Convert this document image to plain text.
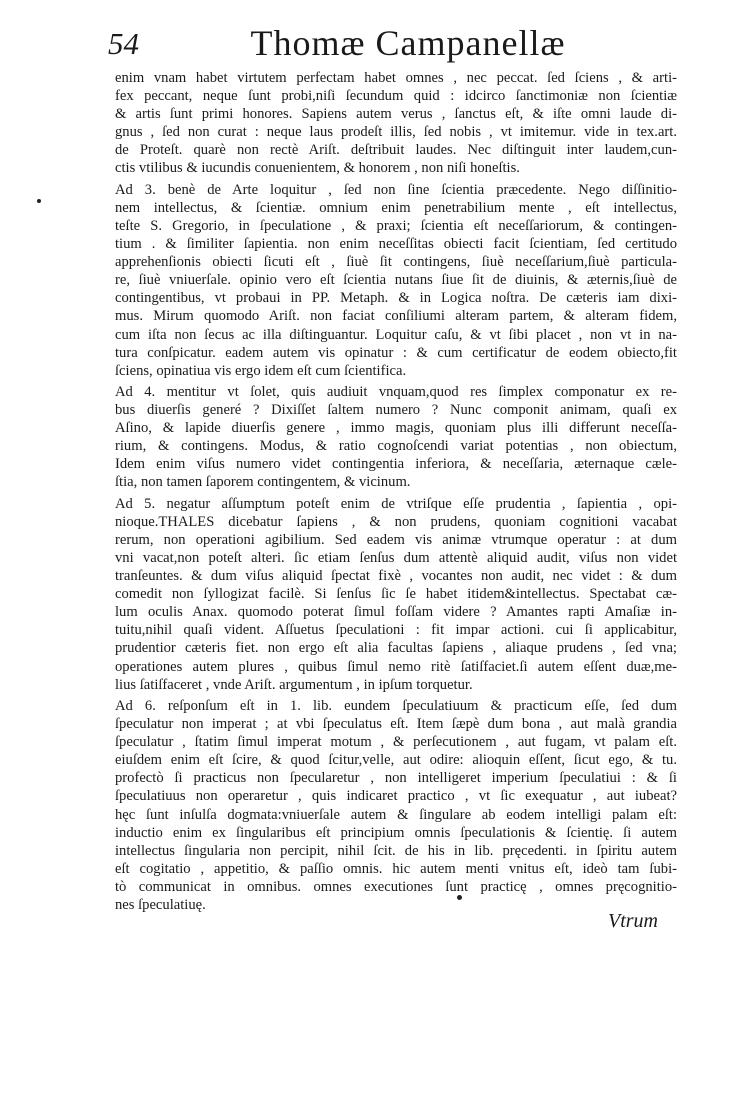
54	Thomæ Campanellæ
enim vnam habet virtutem perfectam habet omnes , nec peccat. ſed ſciens , & arti-
fex peccant, neque ſunt probi,niſi ſecundum quid : idcirco ſanctimoniæ non ſcientiæ
& artis ſunt primi honores. Sapiens autem verus , ſanctus eſt, & iſte omni laude di-
gnus , ſed non curat : neque laus prodeſt illis, ſed nobis , vt imitemur. vide in tex.art.
de Proteſt. quarè non rectè Ariſt. deſtribuit laudes. Nec diſtinguit inter laudem,cun-
ctis vtilibus & iucundis conuenientem, & honorem , non niſi honeſtis.
Ad 3. benè de Arte loquitur , ſed non ſine ſcientia præcedente. Nego diſſinitio-
nem intellectus, & ſcientiæ. omnium enim penetrabilium mente , eſt intellectus,
teſte S. Gregorio, in ſpeculatione , & praxi; ſcientia eſt neceſſariorum, & contingen-
tium . & ſimiliter ſapientia. non enim neceſſitas obiecti facit ſcientiam, ſed certitudo
apprehenſionis obiecti ſicuti eſt , ſiuè ſit contingens, ſiuè neceſſarium,ſiuè particula-
re, ſiuè vniuerſale. opinio vero eſt ſcientia nutans ſiue ſit de diuinis, & æternis,ſiuè de
contingentibus, vt probaui in PP. Metaph. & in Logica noſtra. De cæteris iam dixi-
mus. Mirum quomodo Ariſt. non faciat conſiliumi alteram partem, & alteram fidem,
cum iſta non ſecus ac illa diſtinguantur. Loquitur caſu, & vt ſibi placet , non vt in na-
tura conſpicatur. eadem autem vis opinatur : & cum certificatur de eodem obiecto,fit
ſciens, opinatiua vis ergo idem eſt cum ſcientifica.
Ad 4. mentitur vt ſolet, quis audiuit vnquam,quod res ſimplex componatur ex re-
bus diuerſis generé ? Dixiſſet ſaltem numero ? Nunc componit animam, quaſi ex
Aſino, & lapide diuerſis genere , immo magis, quoniam plus illi differunt neceſſa-
rium, & contingens. Modus, & ratio cognoſcendi variat potentias , non obiectum,
Idem enim viſus numero videt contingentia inferiora, & neceſſaria, æternaque cæle-
ſtia, non tamen ſaporem contingentem, & vicinum.
Ad 5. negatur aſſumptum poteſt enim de vtriſque eſſe prudentia , ſapientia , opi-
nioque.THALES dicebatur ſapiens , & non prudens, quoniam cognitioni vacabat
rerum, non operationi agibilium. Sed eadem vis animæ vtrumque operatur : at dum
vni vacat,non poteſt alteri. ſic etiam ſenſus dum attentè aliquid audit, viſus non videt
tranſeuntes. & dum viſus aliquid ſpectat fixè , vocantes non audit, nec videt : & dum
comedit non ſyllogizat facilè. Si ſenſus ſic ſe habet itidem&intellectus. Spectabat cæ-
lum oculis Anax. quomodo poterat ſimul foſſam videre ? Amantes rapti Amaſiæ in-
tuitu,nihil quaſi vident. Aſſuetus ſpeculationi : fit impar actioni. cui ſi applicabitur,
prudentior cæteris fiet. non ergo eſt alia facultas ſapiens , aliaque prudens , ſed vna;
operationes autem plures , quibus ſimul nemo ritè ſatiſfaciet.ſi autem eſſent duæ,me-
lius ſatiſfaceret , vnde Ariſt. argumentum , in ipſum torquetur.
Ad 6. reſponſum eſt in 1. lib. eundem ſpeculatiuum & practicum eſſe, ſed dum
ſpeculatur non imperat ; at vbi ſpeculatus eſt. Item ſæpè dum bona , aut malà grandia
ſpeculatur , ſtatim ſimul imperat motum , & perſecutionem , aut fugam, vt palam eſt.
eiuſdem enim eſt ſcire, & quod ſcitur,velle, aut odire: alioquin eſſent, ſicut ego, & tu.
profectò ſi practicus non ſpecularetur , non intelligeret imperium ſpeculatiui : & ſi
ſpeculatiuus non operaretur , quis indicaret practico , vt ſic exequatur , aut iubeat?
hęc ſunt inſulſa dogmata:vniuerſale autem & ſingulare ab eodem intelligi palam eſt:
inductio enim ex ſingularibus eſt principium omnis ſpeculationis & ſcientię. ſi autem
intellectus ſingularia non percipit, nihil ſcit. de his in lib. pręcedenti. in ſpiritu autem
eſt cogitatio , appetitio, & paſſio omnis. hic autem menti vnitus eſt, ideò tam ſubi-
tò communicat in omnibus. omnes executiones ſunt practicę , omnes pręcognitio-
nes ſpeculatiuę.
Vtrum
